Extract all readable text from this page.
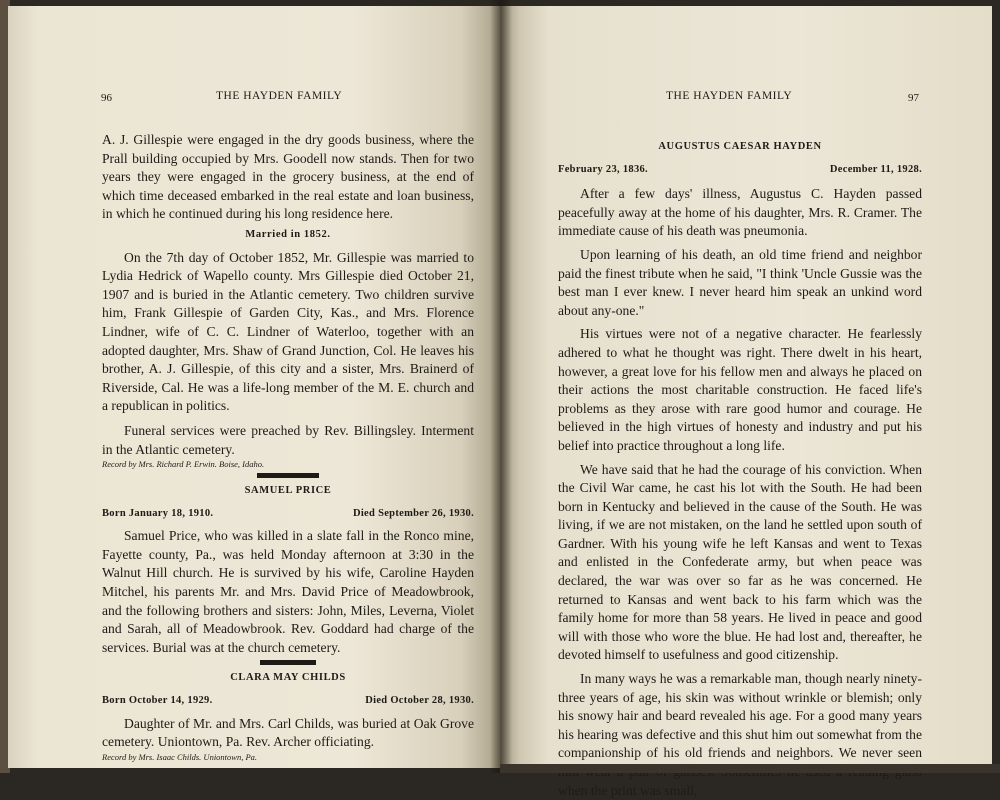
96	THE HAYDEN FAMILY

A. J. Gillespie were engaged in the dry goods business, where the Prall building occupied by Mrs. Goodell now stands. Then for two years they were engaged in the grocery business, at the end of which time deceased embarked in the real estate and loan business, in which he continued during his long residence here.

Married in 1852.

On the 7th day of October 1852, Mr. Gillespie was married to Lydia Hedrick of Wapello county. Mrs Gillespie died October 21, 1907 and is buried in the Atlantic cemetery. Two children survive him, Frank Gillespie of Garden City, Kas., and Mrs. Florence Lindner, wife of C. C. Lindner of Waterloo, together with an adopted daughter, Mrs. Shaw of Grand Junction, Col. He leaves his brother, A. J. Gillespie, of this city and a sister, Mrs. Brainerd of Riverside, Cal. He was a life-long member of the M. E. church and a republican in politics.

Funeral services were preached by Rev. Billingsley. Interment in the Atlantic cemetery.

Record by Mrs. Richard P. Erwin. Boise, Idaho.

SAMUEL PRICE
Born January 18, 1910.	Died September 26, 1930.

Samuel Price, who was killed in a slate fall in the Ronco mine, Fayette county, Pa., was held Monday afternoon at 3:30 in the Walnut Hill church. He is survived by his wife, Caroline Hayden Mitchel, his parents Mr. and Mrs. David Price of Meadowbrook, and the following brothers and sisters: John, Miles, Leverna, Violet and Sarah, all of Meadowbrook. Rev. Goddard had charge of the services. Burial was at the church cemetery.

CLARA MAY CHILDS
Born October 14, 1929.	Died October 28, 1930.

Daughter of Mr. and Mrs. Carl Childs, was buried at Oak Grove cemetery. Uniontown, Pa. Rev. Archer officiating.

Record by Mrs. Isaac Childs. Uniontown, Pa.

THE HAYDEN FAMILY	97
AUGUSTUS CAESAR HAYDEN
February 23, 1836.	December 11, 1928.

After a few days' illness, Augustus C. Hayden passed peacefully away at the home of his daughter, Mrs. R. Cramer. The immediate cause of his death was pneumonia.

Upon learning of his death, an old time friend and neighbor paid the finest tribute when he said, "I think 'Uncle Gussie was the best man I ever knew. I never heard him speak an unkind word about any-one."

His virtues were not of a negative character. He fearlessly adhered to what he thought was right. There dwelt in his heart, however, a great love for his fellow men and always he placed on their actions the most charitable construction. He faced life's problems as they arose with rare good humor and courage. He believed in the high virtues of honesty and industry and put his belief into practice throughout a long life.

We have said that he had the courage of his conviction. When the Civil War came, he cast his lot with the South. He had been born in Kentucky and believed in the cause of the South. He was living, if we are not mistaken, on the land he settled upon south of Gardner. With his young wife he left Kansas and went to Texas and enlisted in the Confederate army, but when peace was declared, the war was over so far as he was concerned. He returned to Kansas and went back to his farm which was the family home for more than 58 years. He lived in peace and good will with those who wore the blue. He had lost and, thereafter, he devoted himself to usefulness and good citizenship.

In many ways he was a remarkable man, though nearly ninety-three years of age, his skin was without wrinkle or blemish; only his snowy hair and beard revealed his age. For a good many years his hearing was defective and this shut him out somewhat from the companionship of his old friends and neighbors. We never seen when the print was small,
